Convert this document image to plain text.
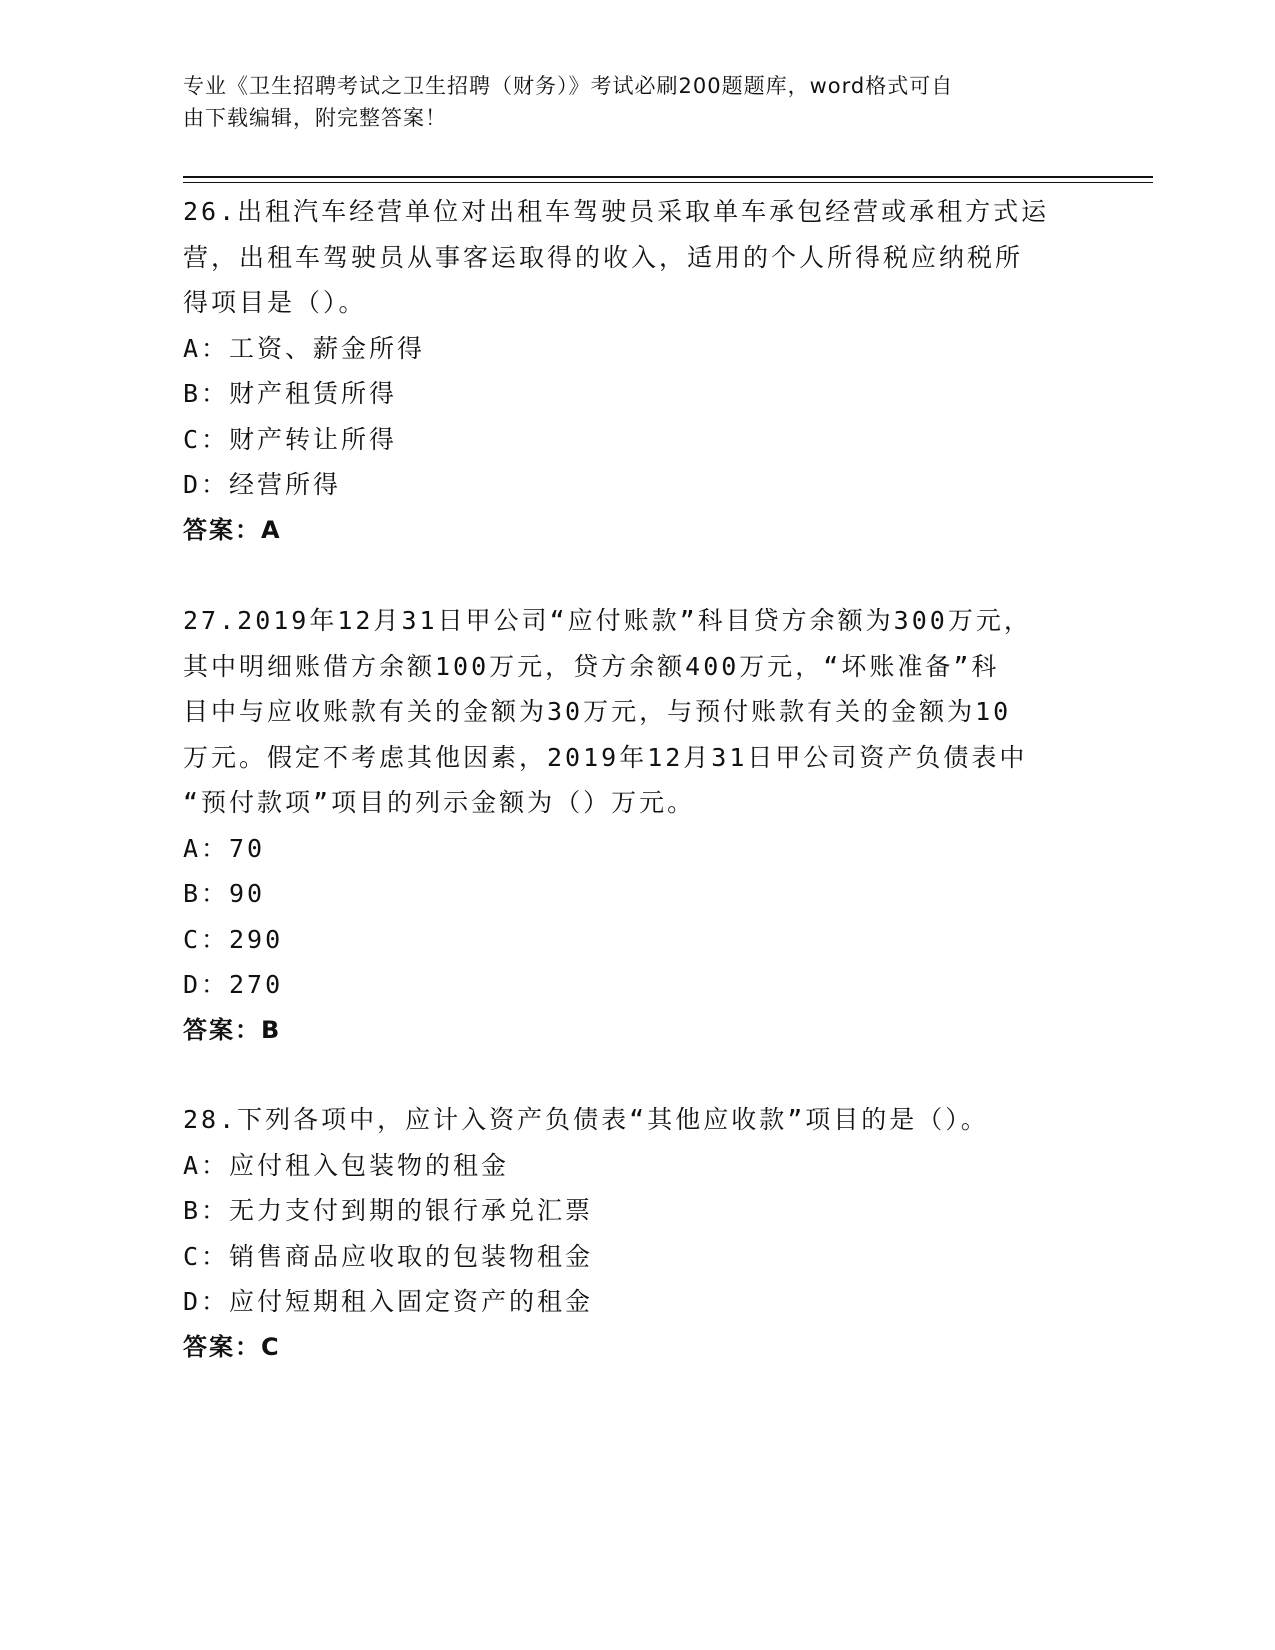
专业《卫生招聘考试之卫生招聘（财务）》考试必刷200题题库，word格式可自
由下载编辑，附完整答案！
26.出租汽车经营单位对出租车驾驶员采取单车承包经营或承租方式运
营，出租车驾驶员从事客运取得的收入，适用的个人所得税应纳税所
得项目是（）。
A：工资、薪金所得
B：财产租赁所得
C：财产转让所得
D：经营所得
答案：A
27.2019年12月31日甲公司“应付账款”科目贷方余额为300万元，
其中明细账借方余额100万元，贷方余额400万元，“坏账准备”科
目中与应收账款有关的金额为30万元，与预付账款有关的金额为10
万元。假定不考虑其他因素，2019年12月31日甲公司资产负债表中
“预付款项”项目的列示金额为（）万元。
A：70
B：90
C：290
D：270
答案：B
28.下列各项中，应计入资产负债表“其他应收款”项目的是（）。
A：应付租入包装物的租金
B：无力支付到期的银行承兑汇票
C：销售商品应收取的包装物租金
D：应付短期租入固定资产的租金
答案：C
